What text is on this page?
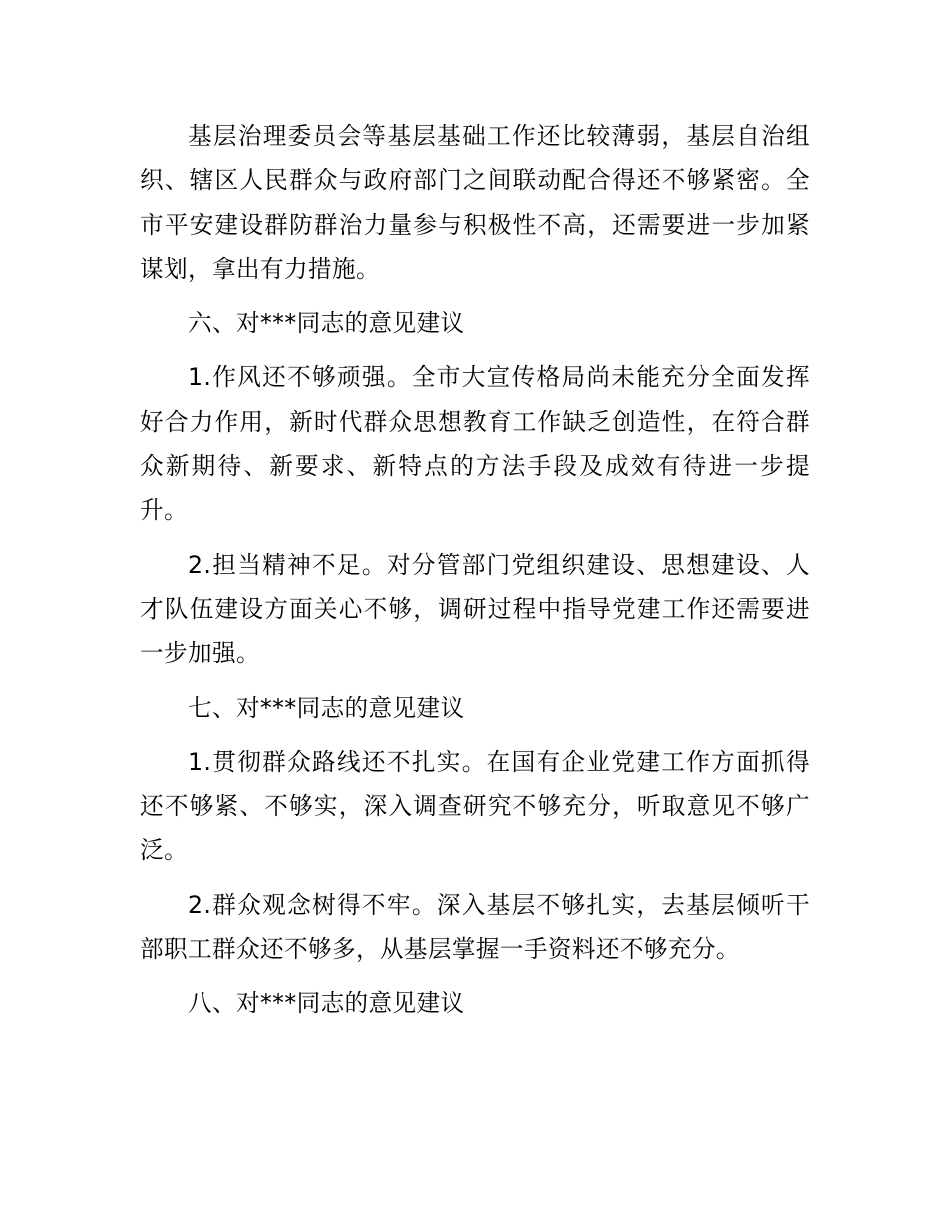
基层治理委员会等基层基础工作还比较薄弱，基层自治组织、辖区人民群众与政府部门之间联动配合得还不够紧密。全市平安建设群防群治力量参与积极性不高，还需要进一步加紧谋划，拿出有力措施。

六、对***同志的意见建议

1.作风还不够顽强。全市大宣传格局尚未能充分全面发挥好合力作用，新时代群众思想教育工作缺乏创造性，在符合群众新期待、新要求、新特点的方法手段及成效有待进一步提升。

2.担当精神不足。对分管部门党组织建设、思想建设、人才队伍建设方面关心不够，调研过程中指导党建工作还需要进一步加强。

七、对***同志的意见建议

1.贯彻群众路线还不扎实。在国有企业党建工作方面抓得还不够紧、不够实，深入调查研究不够充分，听取意见不够广泛。

2.群众观念树得不牢。深入基层不够扎实，去基层倾听干部职工群众还不够多，从基层掌握一手资料还不够充分。

八、对***同志的意见建议
